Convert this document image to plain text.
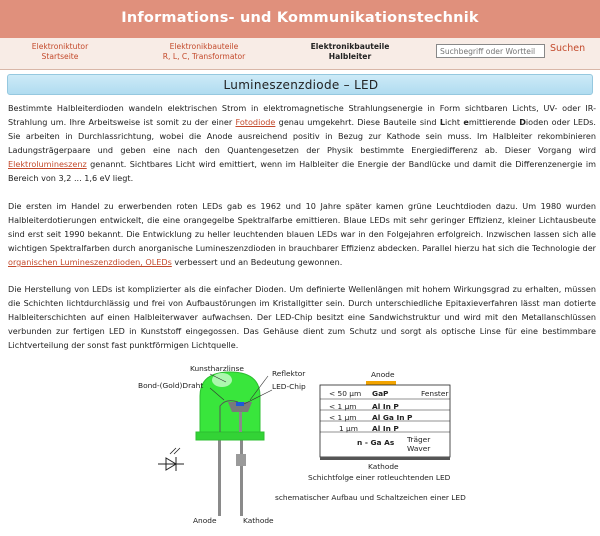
Informations- und Kommunikationstechnik
Elektroniktutor
Startseite
Elektronikbauteile
R, L, C, Transformator
Elektronikbauteile
Halbleiter
Suchbegriff oder Wortteil
Suchen
Lumineszenzdiode – LED
Bestimmte Halbleiterdioden wandeln elektrischen Strom in elektromagnetische Strahlungsenergie in Form sichtbaren Lichts, UV- oder IR-Strahlung um. Ihre Arbeitsweise ist somit zu der einer Fotodiode genau umgekehrt. Diese Bauteile sind Licht emittierende Dioden oder LEDs. Sie arbeiten in Durchlassrichtung, wobei die Anode ausreichend positiv in Bezug zur Kathode sein muss. Im Halbleiter rekombinieren Ladungsträgerpaare und geben eine nach den Quantengesetzen der Physik bestimmte Energiedifferenz ab. Dieser Vorgang wird Elektrolumineszenz genannt. Sichtbares Licht wird emittiert, wenn im Halbleiter die Energie der Bandlücke und damit die Differenzenergie im Bereich von 3,2 ... 1,6 eV liegt.
Die ersten im Handel zu erwerbenden roten LEDs gab es 1962 und 10 Jahre später kamen grüne Leuchtdioden dazu. Um 1980 wurden Halbleiterdotierungen entwickelt, die eine orangegelbe Spektralfarbe emittieren. Blaue LEDs mit sehr geringer Effizienz, kleiner Lichtausbeute sind erst seit 1990 bekannt. Die Entwicklung zu heller leuchtenden blauen LEDs war in den Folgejahren erfolgreich. Inzwischen lassen sich alle wichtigen Spektralfarben durch anorganische Lumineszenzdioden in brauchbarer Effizienz abdecken. Parallel hierzu hat sich die Technologie der organischen Lumineszenzdioden, OLEDs verbessert und an Bedeutung gewonnen.
Die Herstellung von LEDs ist komplizierter als die einfacher Dioden. Um definierte Wellenlängen mit hohem Wirkungsgrad zu erhalten, müssen die Schichten lichtdurchlässig und frei von Aufbaustörungen im Kristallgitter sein. Durch unterschiedliche Epitaxieverfahren lässt man dotierte Halbleiterschichten auf einen Halbleiterwaver aufwachsen. Der LED-Chip besitzt eine Sandwichstruktur und wird mit den Metallanschlüssen verbunden zur fertigen LED in Kunststoff eingegossen. Das Gehäuse dient zum Schutz und sorgt als optische Linse für eine bestimmbare Lichtverteilung der sonst fast punktförmigen Lichtquelle.
Kunstharzlinse
Bond-(Gold)Draht
Reflektor
LED-Chip
Anode	Kathode
Anode
< 50 µm GaP	Fenster
< 1 µm Al In P
< 1 µm Al Ga In P
1 µm Al In P
n - Ga As Träger Waver
Kathode
Schichtfolge einer rotleuchtenden LED
schematischer Aufbau und Schaltzeichen einer LED
